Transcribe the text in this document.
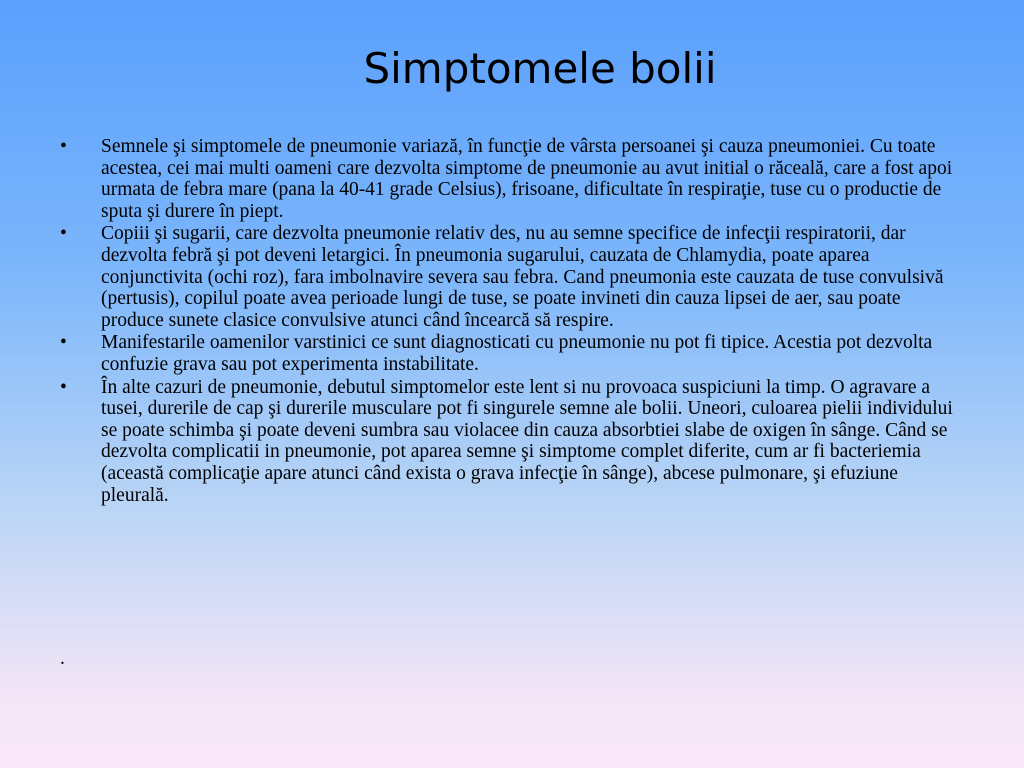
Simptomele bolii
• Semnele şi simptomele de pneumonie variază, în funcţie de vârsta persoanei şi cauza pneumoniei. Cu toate acestea, cei mai multi oameni care dezvolta simptome de pneumonie au avut initial o răceală, care a fost apoi urmata de febra mare (pana la 40-41 grade Celsius), frisoane, dificultate în respiraţie, tuse cu o productie de sputa şi durere în piept.
• Copiii şi sugarii, care dezvolta pneumonie relativ des, nu au semne specifice de infecţii respiratorii, dar dezvolta febră şi pot deveni letargici. În pneumonia sugarului, cauzata de Chlamydia, poate aparea conjunctivita (ochi roz), fara imbolnavire severa sau febra. Cand pneumonia este cauzata de tuse convulsivă (pertusis), copilul poate avea perioade lungi de tuse, se poate invineti din cauza lipsei de aer, sau poate produce sunete clasice convulsive atunci când încearcă să respire.
• Manifestarile oamenilor varstinici ce sunt diagnosticati cu pneumonie nu pot fi tipice. Acestia pot dezvolta confuzie grava sau pot experimenta instabilitate.
• În alte cazuri de pneumonie, debutul simptomelor este lent si nu provoaca suspiciuni la timp. O agravare a tusei, durerile de cap şi durerile musculare pot fi singurele semne ale bolii. Uneori, culoarea pielii individului se poate schimba şi poate deveni sumbra sau violacee din cauza absorbtiei slabe de oxigen în sânge. Când se dezvolta complicatii in pneumonie, pot aparea semne şi simptome complet diferite, cum ar fi bacteriemia (această complicaţie apare atunci când exista o grava infecţie în sânge), abcese pulmonare, şi efuziune pleurală.
.
